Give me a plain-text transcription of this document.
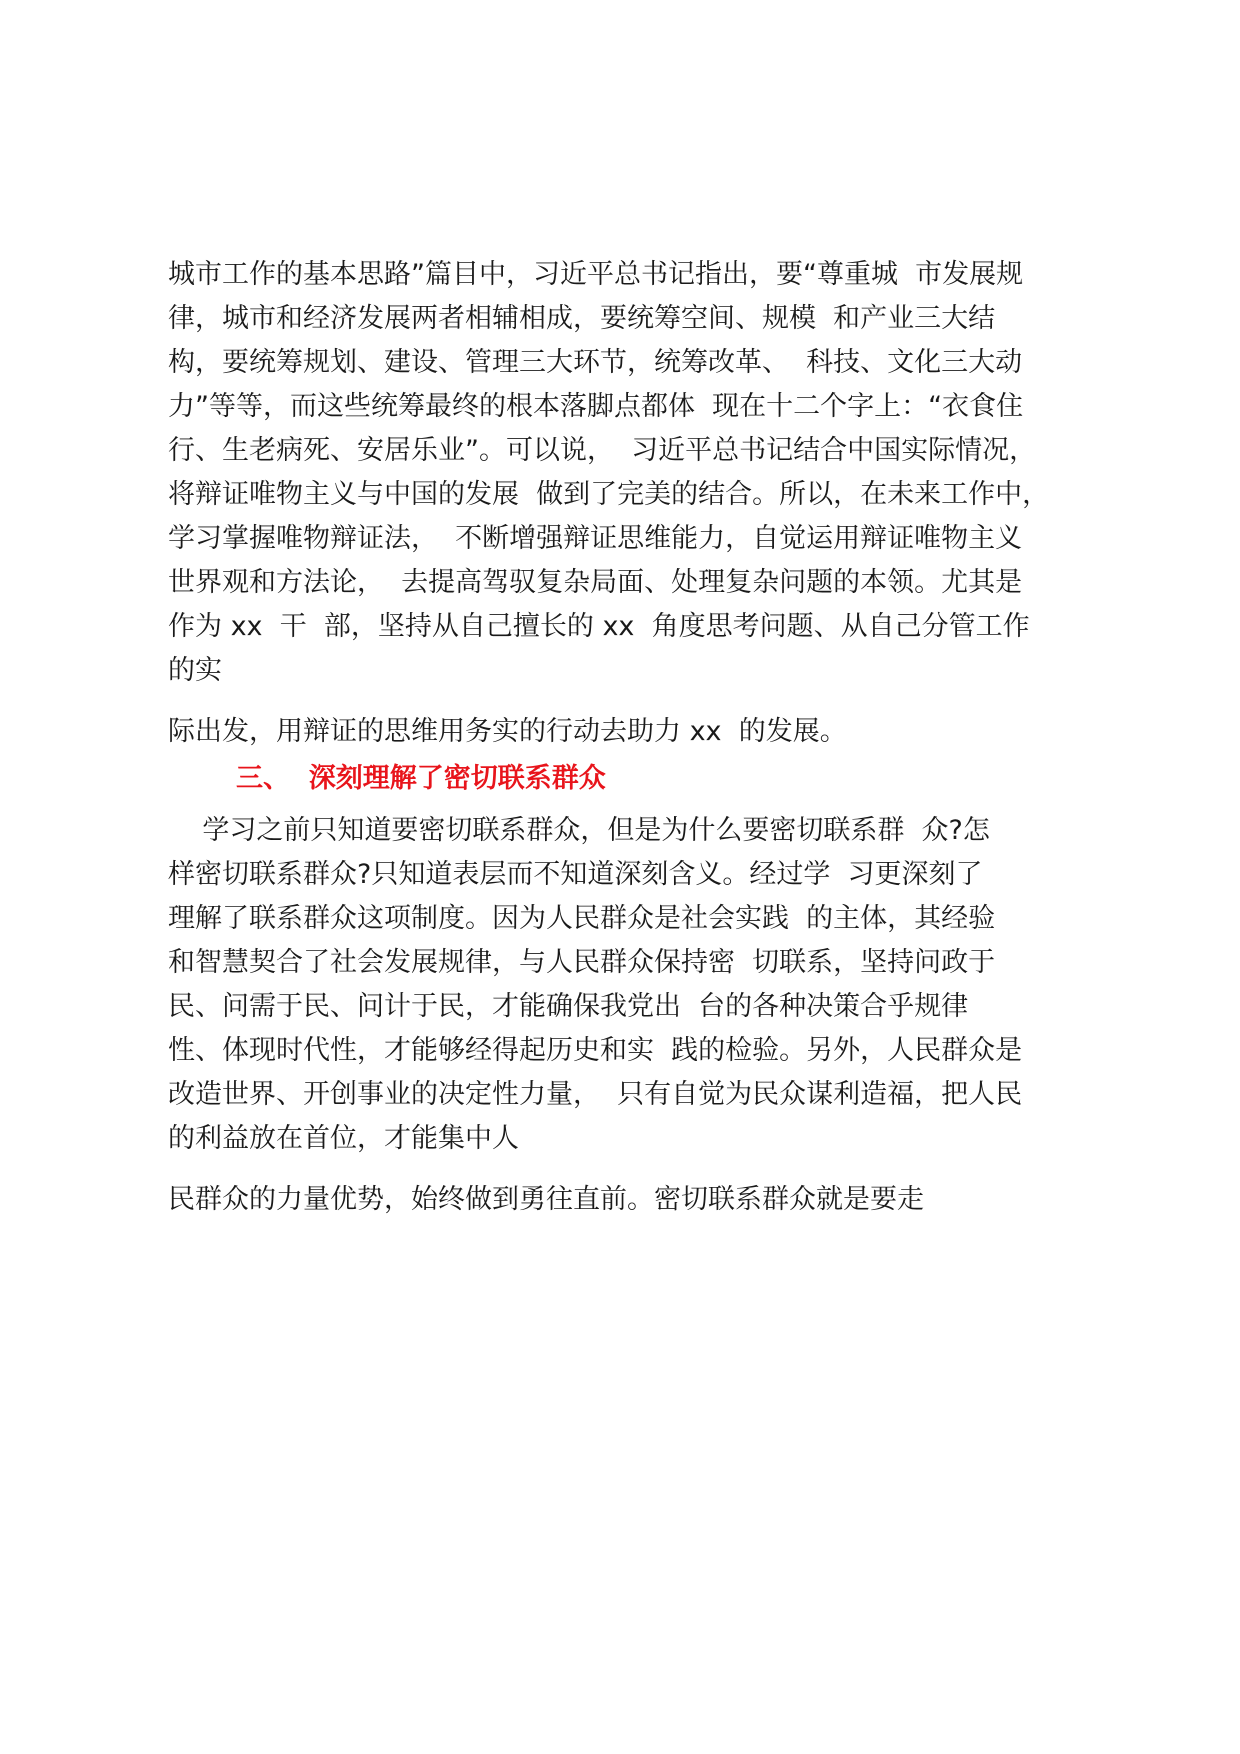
城市工作的基本思路”篇目中，习近平总书记指出，要“尊重城  市发展规
律，城市和经济发展两者相辅相成，要统筹空间、规模  和产业三大结
构，要统筹规划、建设、管理三大环节，统筹改革、  科技、文化三大动
力”等等，而这些统筹最终的根本落脚点都体  现在十二个字上：“衣食住
行、生老病死、安居乐业”。可以说，  习近平总书记结合中国实际情况，
将辩证唯物主义与中国的发展  做到了完美的结合。所以，在未来工作中，
学习掌握唯物辩证法，  不断增强辩证思维能力，自觉运用辩证唯物主义
世界观和方法论，  去提高驾驭复杂局面、处理复杂问题的本领。尤其是
作为 xx  干  部，坚持从自己擅长的 xx  角度思考问题、从自己分管工作
的实
际出发，用辩证的思维用务实的行动去助力 xx  的发展。
三、  深刻理解了密切联系群众
学习之前只知道要密切联系群众，但是为什么要密切联系群  众?怎
样密切联系群众?只知道表层而不知道深刻含义。经过学  习更深刻了
理解了联系群众这项制度。因为人民群众是社会实践  的主体，其经验
和智慧契合了社会发展规律，与人民群众保持密  切联系，坚持问政于
民、问需于民、问计于民，才能确保我党出  台的各种决策合乎规律
性、体现时代性，才能够经得起历史和实  践的检验。另外，人民群众是
改造世界、开创事业的决定性力量，  只有自觉为民众谋利造福，把人民
的利益放在首位，才能集中人
民群众的力量优势，始终做到勇往直前。密切联系群众就是要走
